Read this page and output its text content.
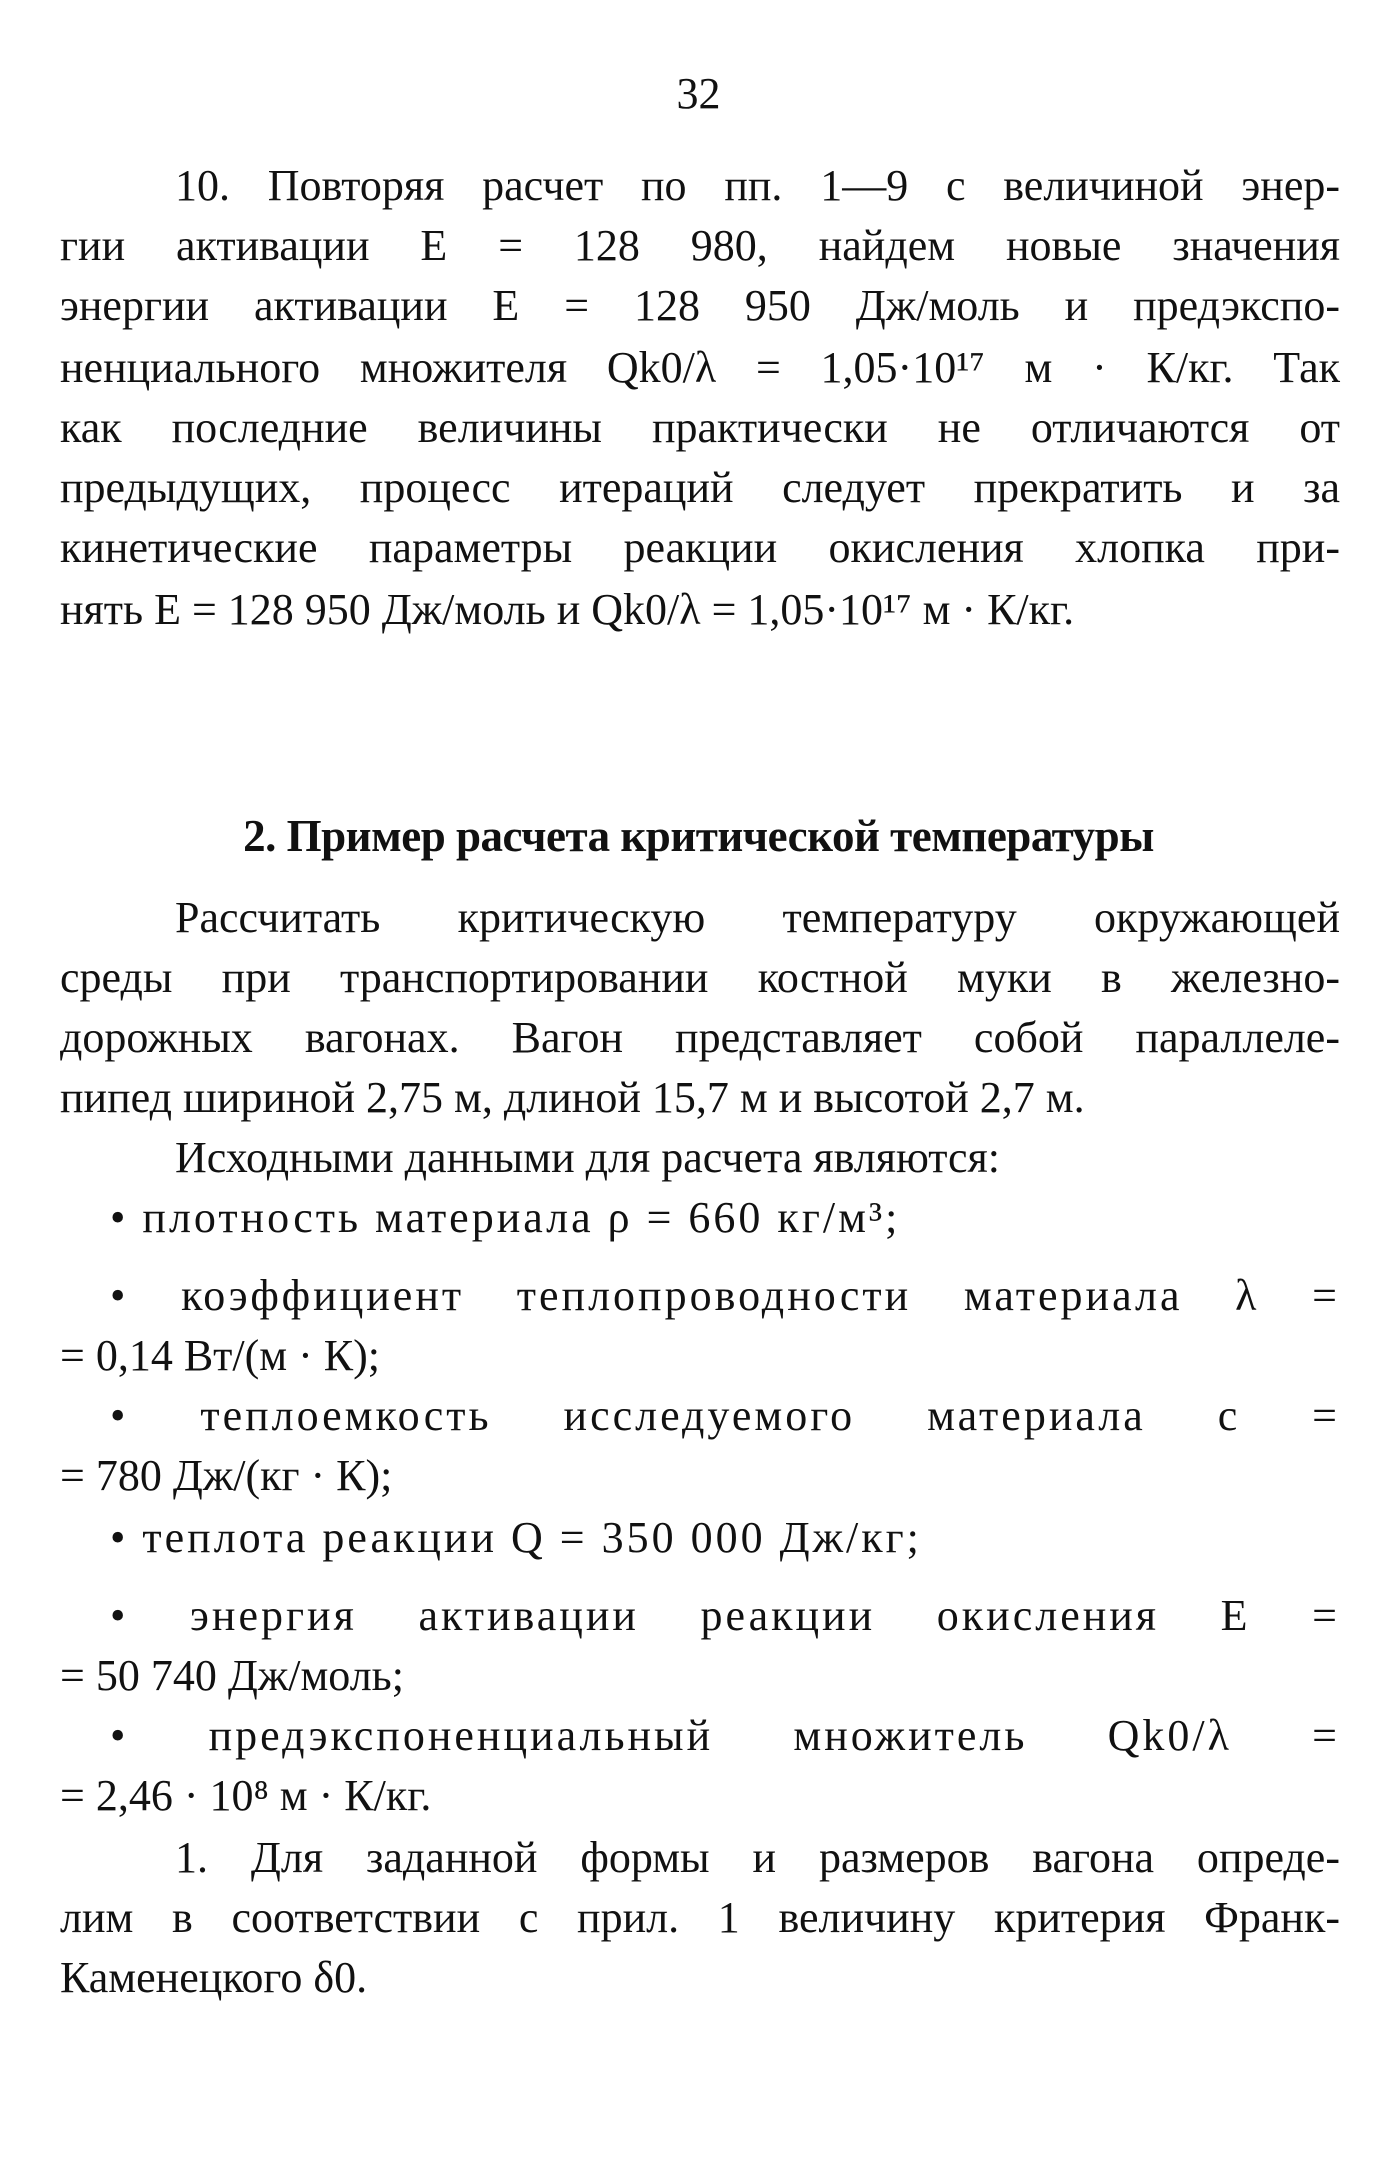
32
10. Повторяя расчет по пп. 1—9 с величиной энер-
гии активации E = 128 980, найдем новые значения
энергии активации E = 128 950 Дж/моль и предэкспо-
ненциального множителя Qk0/λ = 1,05·10¹⁷ м · К/кг. Так
как последние величины практически не отличаются от
предыдущих, процесс итераций следует прекратить и за
кинетические параметры реакции окисления хлопка при-
нять E = 128 950 Дж/моль и Qk0/λ = 1,05·10¹⁷ м · К/кг.
2. Пример расчета критической температуры
Рассчитать критическую температуру окружающей
среды при транспортировании костной муки в железно-
дорожных вагонах. Вагон представляет собой параллеле-
пипед шириной 2,75 м, длиной 15,7 м и высотой 2,7 м.
Исходными данными для расчета являются:
• плотность материала ρ = 660 кг/м³;
• коэффициент теплопроводности материала λ =
= 0,14 Вт/(м · К);
• теплоемкость исследуемого материала c =
= 780 Дж/(кг · К);
• теплота реакции Q = 350 000 Дж/кг;
• энергия активации реакции окисления E =
= 50 740 Дж/моль;
• предэкспоненциальный множитель Qk0/λ =
= 2,46 · 10⁸ м · К/кг.
1. Для заданной формы и размеров вагона опреде-
лим в соответствии с прил. 1 величину критерия Франк-
Каменецкого δ0.
